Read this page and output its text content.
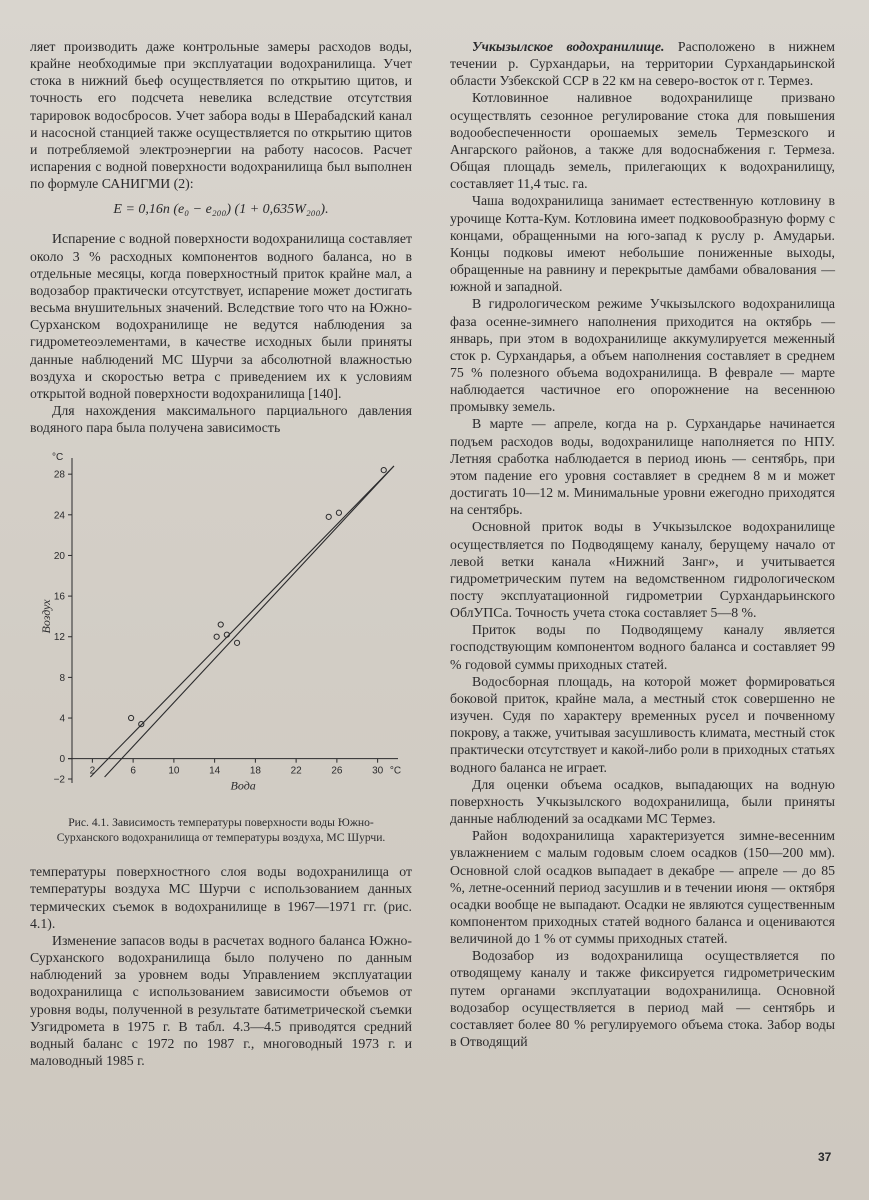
ляет производить даже контрольные замеры расходов воды, крайне необходимые при эксплуатации водохранилища. Учет стока в нижний бьеф осуществляется по открытию щитов, и точность его подсчета невелика вследствие отсутствия тарировок водосбросов. Учет забора воды в Шерабадский канал и насосной станцией также осуществляется по открытию щитов и потребляемой электроэнергии на работу насосов. Расчет испарения с водной поверхности водохранилища был выполнен по формуле САНИГМИ (2):

E = 0,16n (e₀ − e₂₀₀) (1 + 0,635W₂₀₀).

Испарение с водной поверхности водохранилища составляет около 3 % расходных компонентов водного баланса, но в отдельные месяцы, когда поверхностный приток крайне мал, а водозабор практически отсутствует, испарение может достигать весьма внушительных значений. Вследствие того что на Южно-Сурханском водохранилище не ведутся наблюдения за гидрометеоэлементами, в качестве исходных были приняты данные наблюдений МС Шурчи за абсолютной влажностью воздуха и скоростью ветра с приведением их к условиям открытой водной поверхности водохранилища [140].

Для нахождения максимального парциального давления водяного пара была получена зависимость

−2
0
4
8
12
16
20
24
28
2	6	10	14	18	22	26	30
°C
°C
Вода
Воздух
Рис. 4.1. Зависимость температуры поверхности воды Южно-Сурханского водохранилища от температуры воздуха, МС Шурчи.

температуры поверхностного слоя воды водохранилища от температуры воздуха МС Шурчи с использованием данных термических съемок в водохранилище в 1967—1971 гг. (рис. 4.1).

Изменение запасов воды в расчетах водного баланса Южно-Сурханского водохранилища было получено по данным наблюдений за уровнем воды Управлением эксплуатации водохранилища с использованием зависимости объемов от уровня воды, полученной в результате батиметрической съемки Узгидромета в 1975 г. В табл. 4.3—4.5 приводятся средний водный баланс с 1972 по 1987 г., многоводный 1973 г. и маловодный 1985 г.

Учкызылское водохранилище. Расположено в нижнем течении р. Сурхандарьи, на территории Сурхандарьинской области Узбекской ССР в 22 км на северо-восток от г. Термез.

Котловинное наливное водохранилище призвано осуществлять сезонное регулирование стока для повышения водообеспеченности орошаемых земель Термезского и Ангарского районов, а также для водоснабжения г. Термеза. Общая площадь земель, прилегающих к водохранилищу, составляет 11,4 тыс. га.

Чаша водохранилища занимает естественную котловину в урочище Котта-Кум. Котловина имеет подковообразную форму с концами, обращенными на юго-запад к руслу р. Амударьи. Концы подковы имеют небольшие пониженные выходы, обращенные на равнину и перекрытые дамбами обвалования — южной и западной.

В гидрологическом режиме Учкызылского водохранилища фаза осенне-зимнего наполнения приходится на октябрь — январь, при этом в водохранилище аккумулируется меженный сток р. Сурхандарья, а объем наполнения составляет в среднем 75 % полезного объема водохранилища. В феврале — марте наблюдается частичное его опорожнение на весеннюю промывку земель.

В марте — апреле, когда на р. Сурхандарье начинается подъем расходов воды, водохранилище наполняется по НПУ. Летняя сработка наблюдается в период июнь — сентябрь, при этом падение его уровня составляет в среднем 8 м и может достигать 10—12 м. Минимальные уровни ежегодно приходятся на сентябрь.

Основной приток воды в Учкызылское водохранилище осуществляется по Подводящему каналу, берущему начало от левой ветки канала «Нижний Занг», и учитывается гидрометрическим путем на ведомственном гидрологическом посту эксплуатационной гидрометрии Сурхандарьинского ОблУПСа. Точность учета стока составляет 5—8 %.

Приток воды по Подводящему каналу является господствующим компонентом водного баланса и составляет 99 % годовой суммы приходных статей.

Водосборная площадь, на которой может формироваться боковой приток, крайне мала, а местный сток совершенно не изучен. Судя по характеру временных русел и почвенному покрову, а также, учитывая засушливость климата, местный сток практически отсутствует и какой-либо роли в приходных статьях водного баланса не играет.

Для оценки объема осадков, выпадающих на водную поверхность Учкызылского водохранилища, были приняты данные наблюдений за осадками МС Термез.

Район водохранилища характеризуется зимне-весенним увлажнением с малым годовым слоем осадков (150—200 мм). Основной слой осадков выпадает в декабре — апреле — до 85 %, летне-осенний период засушлив и в течении июня — октября осадки вообще не выпадают. Осадки не являются существенным компонентом приходных статей водного баланса и оцениваются величиной до 1 % от суммы приходных статей.

Водозабор из водохранилища осуществляется по отводящему каналу и также фиксируется гидрометрическим путем органами эксплуатации водохранилища. Основной водозабор осуществляется в период май — сентябрь и составляет более 80 % регулируемого объема стока. Забор воды в Отводящий

37
